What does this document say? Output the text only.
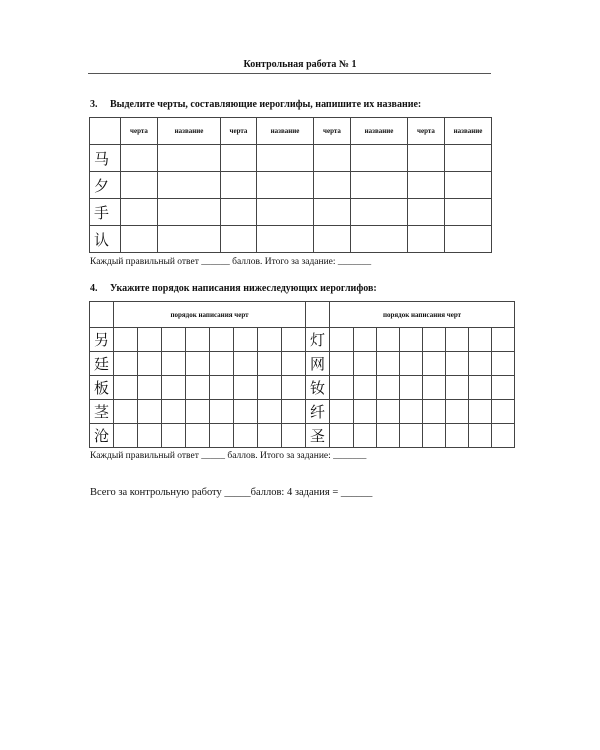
Контрольная работа № 1
3. Выделите черты, составляющие иероглифы, напишите их название:
	черта	название	черта	название	черта	название	черта	название
马								
夕								
手								
认								
Каждый правильный ответ ______ баллов. Итого за задание: _______
4. Укажите порядок написания нижеследующих иероглифов:
	порядок написания черт									порядок написания черт							
另									灯								
廷									网								
板									钕								
茎									纤								
沧									圣								
Каждый правильный ответ _____ баллов. Итого за задание: _______
Всего за контрольную работу _____баллов: 4 задания = ______
